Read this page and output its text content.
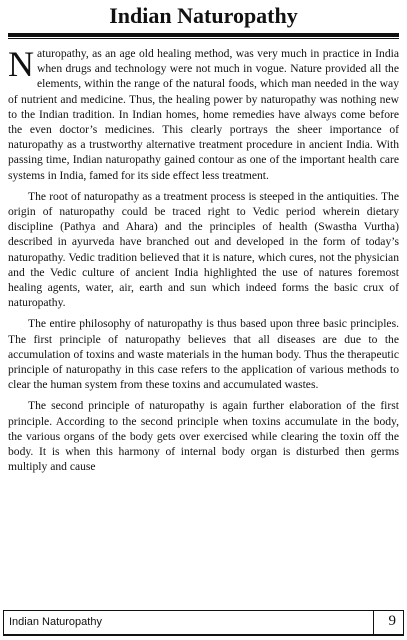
Indian Naturopathy

Naturopathy, as an age old healing method, was very much in practice in India when drugs and technology were not much in vogue. Nature provided all the elements, within the range of the natural foods, which man needed in the way of nutrient and medicine. Thus, the healing power by naturopathy was nothing new to the Indian tradition. In Indian homes, home remedies have always come before the even doctor’s medicines. This clearly portrays the sheer importance of naturopathy as a trustworthy alternative treatment procedure in ancient India. With passing time, Indian naturopathy gained contour as one of the important health care systems in India, famed for its side effect less treatment.

The root of naturopathy as a treatment process is steeped in the antiquities. The origin of naturopathy could be traced right to Vedic period wherein dietary discipline (Pathya and Ahara) and the principles of health (Swastha Vurtha) described in ayurveda have branched out and developed in the form of today’s naturopathy. Vedic tradition believed that it is nature, which cures, not the physician and the Vedic culture of ancient India highlighted the use of natures foremost healing agents, water, air, earth and sun which indeed forms the basic crux of naturopathy.

The entire philosophy of naturopathy is thus based upon three basic principles. The first principle of naturopathy believes that all diseases are due to the accumulation of toxins and waste materials in the human body. Thus the therapeutic principle of naturopathy in this case refers to the application of various methods to clear the human system from these toxins and accumulated wastes.

The second principle of naturopathy is again further elaboration of the first principle. According to the second principle when toxins accumulate in the body, the various organs of the body gets over exercised while clearing the toxin off the body. It is when this harmony of internal body organ is disturbed then germs multiply and cause

Indian Naturopathy	9
